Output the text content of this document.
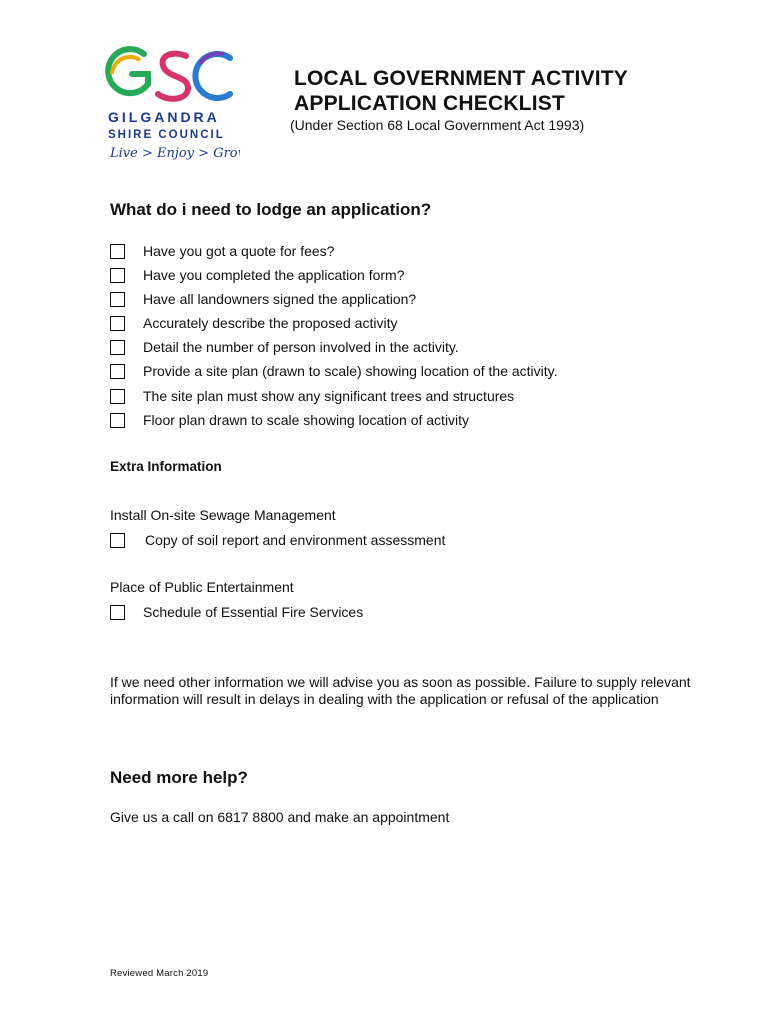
GSC
GILGANDRA
SHIRE COUNCIL
Live > Enjoy > Grow
LOCAL GOVERNMENT ACTIVITY
APPLICATION CHECKLIST
(Under Section 68 Local Government Act 1993)
What do i need to lodge an application?
Have you got a quote for fees?
Have you completed the application form?
Have all landowners signed the application?
Accurately describe the proposed activity
Detail the number of person involved in the activity.
Provide a site plan (drawn to scale) showing location of the activity.
The site plan must show any significant trees and structures
Floor plan drawn to scale showing location of activity
Extra Information
Install On-site Sewage Management
Copy of soil report and environment assessment
Place of Public Entertainment
Schedule of Essential Fire Services
If we need other information we will advise you as soon as possible. Failure to supply relevant information will result in delays in dealing with the application or refusal of the application
Need more help?
Give us a call on 6817 8800 and make an appointment
Reviewed March 2019
